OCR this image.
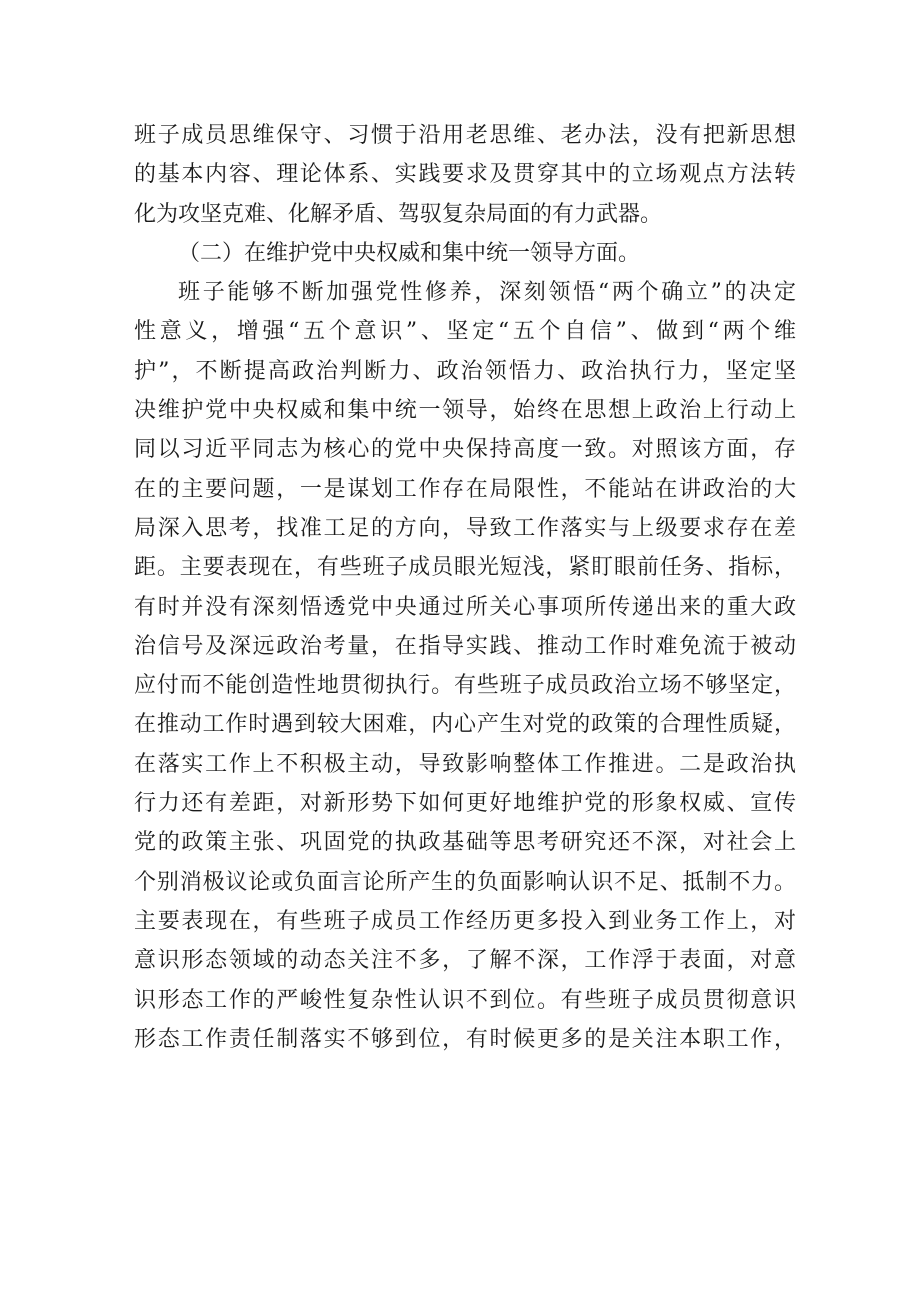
班子成员思维保守、习惯于沿用老思维、老办法，没有把新思想
的基本内容、理论体系、实践要求及贯穿其中的立场观点方法转
化为攻坚克难、化解矛盾、驾驭复杂局面的有力武器。
（二）在维护党中央权威和集中统一领导方面。
班子能够不断加强党性修养，深刻领悟“两个确立”的决定
性意义，增强“五个意识”、坚定“五个自信”、做到“两个维
护”，不断提高政治判断力、政治领悟力、政治执行力，坚定坚
决维护党中央权威和集中统一领导，始终在思想上政治上行动上
同以习近平同志为核心的党中央保持高度一致。对照该方面，存
在的主要问题，一是谋划工作存在局限性，不能站在讲政治的大
局深入思考，找准工足的方向，导致工作落实与上级要求存在差
距。主要表现在，有些班子成员眼光短浅，紧盯眼前任务、指标，
有时并没有深刻悟透党中央通过所关心事项所传递出来的重大政
治信号及深远政治考量，在指导实践、推动工作时难免流于被动
应付而不能创造性地贯彻执行。有些班子成员政治立场不够坚定，
在推动工作时遇到较大困难，内心产生对党的政策的合理性质疑，
在落实工作上不积极主动，导致影响整体工作推进。二是政治执
行力还有差距，对新形势下如何更好地维护党的形象权威、宣传
党的政策主张、巩固党的执政基础等思考研究还不深，对社会上
个别消极议论或负面言论所产生的负面影响认识不足、抵制不力。
主要表现在，有些班子成员工作经历更多投入到业务工作上，对
意识形态领域的动态关注不多，了解不深，工作浮于表面，对意
识形态工作的严峻性复杂性认识不到位。有些班子成员贯彻意识
形态工作责任制落实不够到位，有时候更多的是关注本职工作，
